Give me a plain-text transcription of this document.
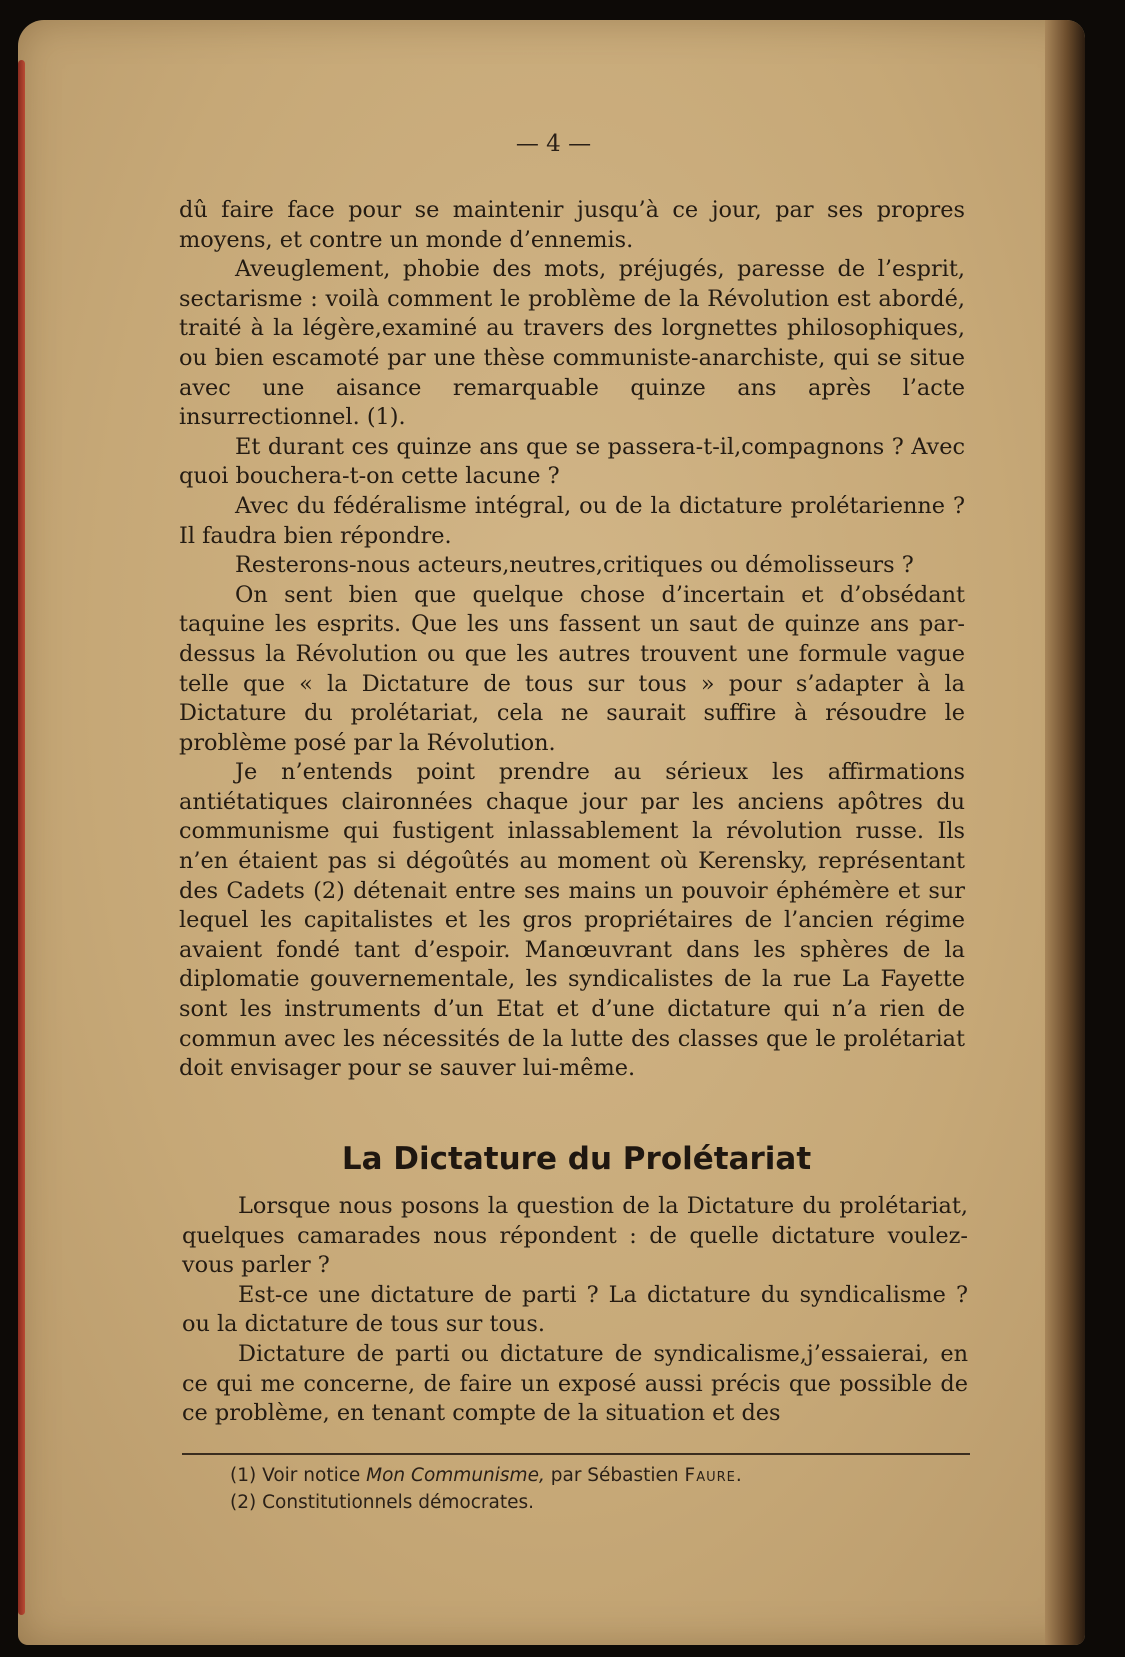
— 4 —

dû faire face pour se maintenir jusqu’à ce jour, par ses propres moyens, et contre un monde d’ennemis.

Aveuglement, phobie des mots, préjugés, paresse de l’esprit, sectarisme : voilà comment le problème de la Révolution est abordé, traité à la légère,examiné au travers des lorgnettes philosophiques, ou bien escamoté par une thèse communiste-anarchiste, qui se situe avec une aisance remarquable quinze ans après l’acte insurrectionnel. (1).

Et durant ces quinze ans que se passera-t-il,compagnons ? Avec quoi bouchera-t-on cette lacune ?

Avec du fédéralisme intégral, ou de la dictature prolétarienne ? Il faudra bien répondre.

Resterons-nous acteurs,neutres,critiques ou démolisseurs ?

On sent bien que quelque chose d’incertain et d’obsédant taquine les esprits. Que les uns fassent un saut de quinze ans par-dessus la Révolution ou que les autres trouvent une formule vague telle que « la Dictature de tous sur tous » pour s’adapter à la Dictature du prolétariat, cela ne saurait suffire à résoudre le problème posé par la Révolution.

Je n’entends point prendre au sérieux les affirmations antiétatiques claironnées chaque jour par les anciens apôtres du communisme qui fustigent inlassablement la révolution russe. Ils n’en étaient pas si dégoûtés au moment où Kerensky, représentant des Cadets (2) détenait entre ses mains un pouvoir éphémère et sur lequel les capitalistes et les gros propriétaires de l’ancien régime avaient fondé tant d’espoir. Manœuvrant dans les sphères de la diplomatie gouvernementale, les syndicalistes de la rue La Fayette sont les instruments d’un Etat et d’une dictature qui n’a rien de commun avec les nécessités de la lutte des classes que le prolétariat doit envisager pour se sauver lui-même.

La Dictature du Prolétariat

Lorsque nous posons la question de la Dictature du prolétariat, quelques camarades nous répondent : de quelle dictature voulez-vous parler ?

Est-ce une dictature de parti ? La dictature du syndicalisme ? ou la dictature de tous sur tous.

Dictature de parti ou dictature de syndicalisme,j’essaierai, en ce qui me concerne, de faire un exposé aussi précis que possible de ce problème, en tenant compte de la situation et des

(1) Voir notice Mon Communisme, par Sébastien Faure.

(2) Constitutionnels démocrates.
